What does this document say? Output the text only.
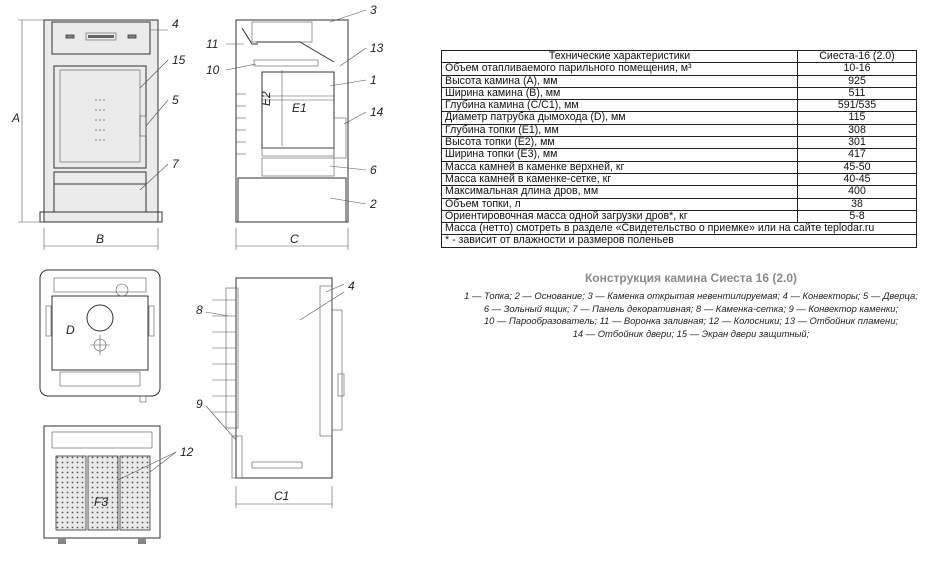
A
B
4
15
5
7
C
3
11
10
13
1
14
6
2
E1
E2
D
4
8
9
C1
12
F3
Технические характеристики	Сиеста-16 (2.0)
Объем отапливаемого парильного помещения, м³	10-16
Высота камина (А), мм	925
Ширина камина (В), мм	511
Глубина камина (С/С1), мм	591/535
Диаметр патрубка дымохода (D), мм	115
Глубина топки (Е1), мм	308
Высота топки (Е2), мм	301
Ширина топки (Е3), мм	417
Масса камней в каменке верхней, кг	45-50
Масса камней в каменке-сетке, кг	40-45
Максимальная длина дров, мм	400
Объем топки, л	38
Ориентировочная масса одной загрузки дров*, кг	5-8
Масса (нетто) смотреть в разделе «Свидетельство о приемке» или на сайте teplodar.ru	
* - зависит от влажности и размеров поленьев	
Конструкция камина Сиеста 16 (2.0)
1 — Топка; 2 — Основание; 3 — Каменка открытая невентилируемая; 4 — Конвекторы; 5 — Дверца;
6 — Зольный ящик; 7 — Панель декоративная; 8 — Каменка-сетка; 9 — Конвектор каменки;
10 — Парообразователь; 11 — Воронка заливная; 12 — Колосники; 13 — Отбойник пламени;
14 — Отбойник двери; 15 — Экран двери защитный;
